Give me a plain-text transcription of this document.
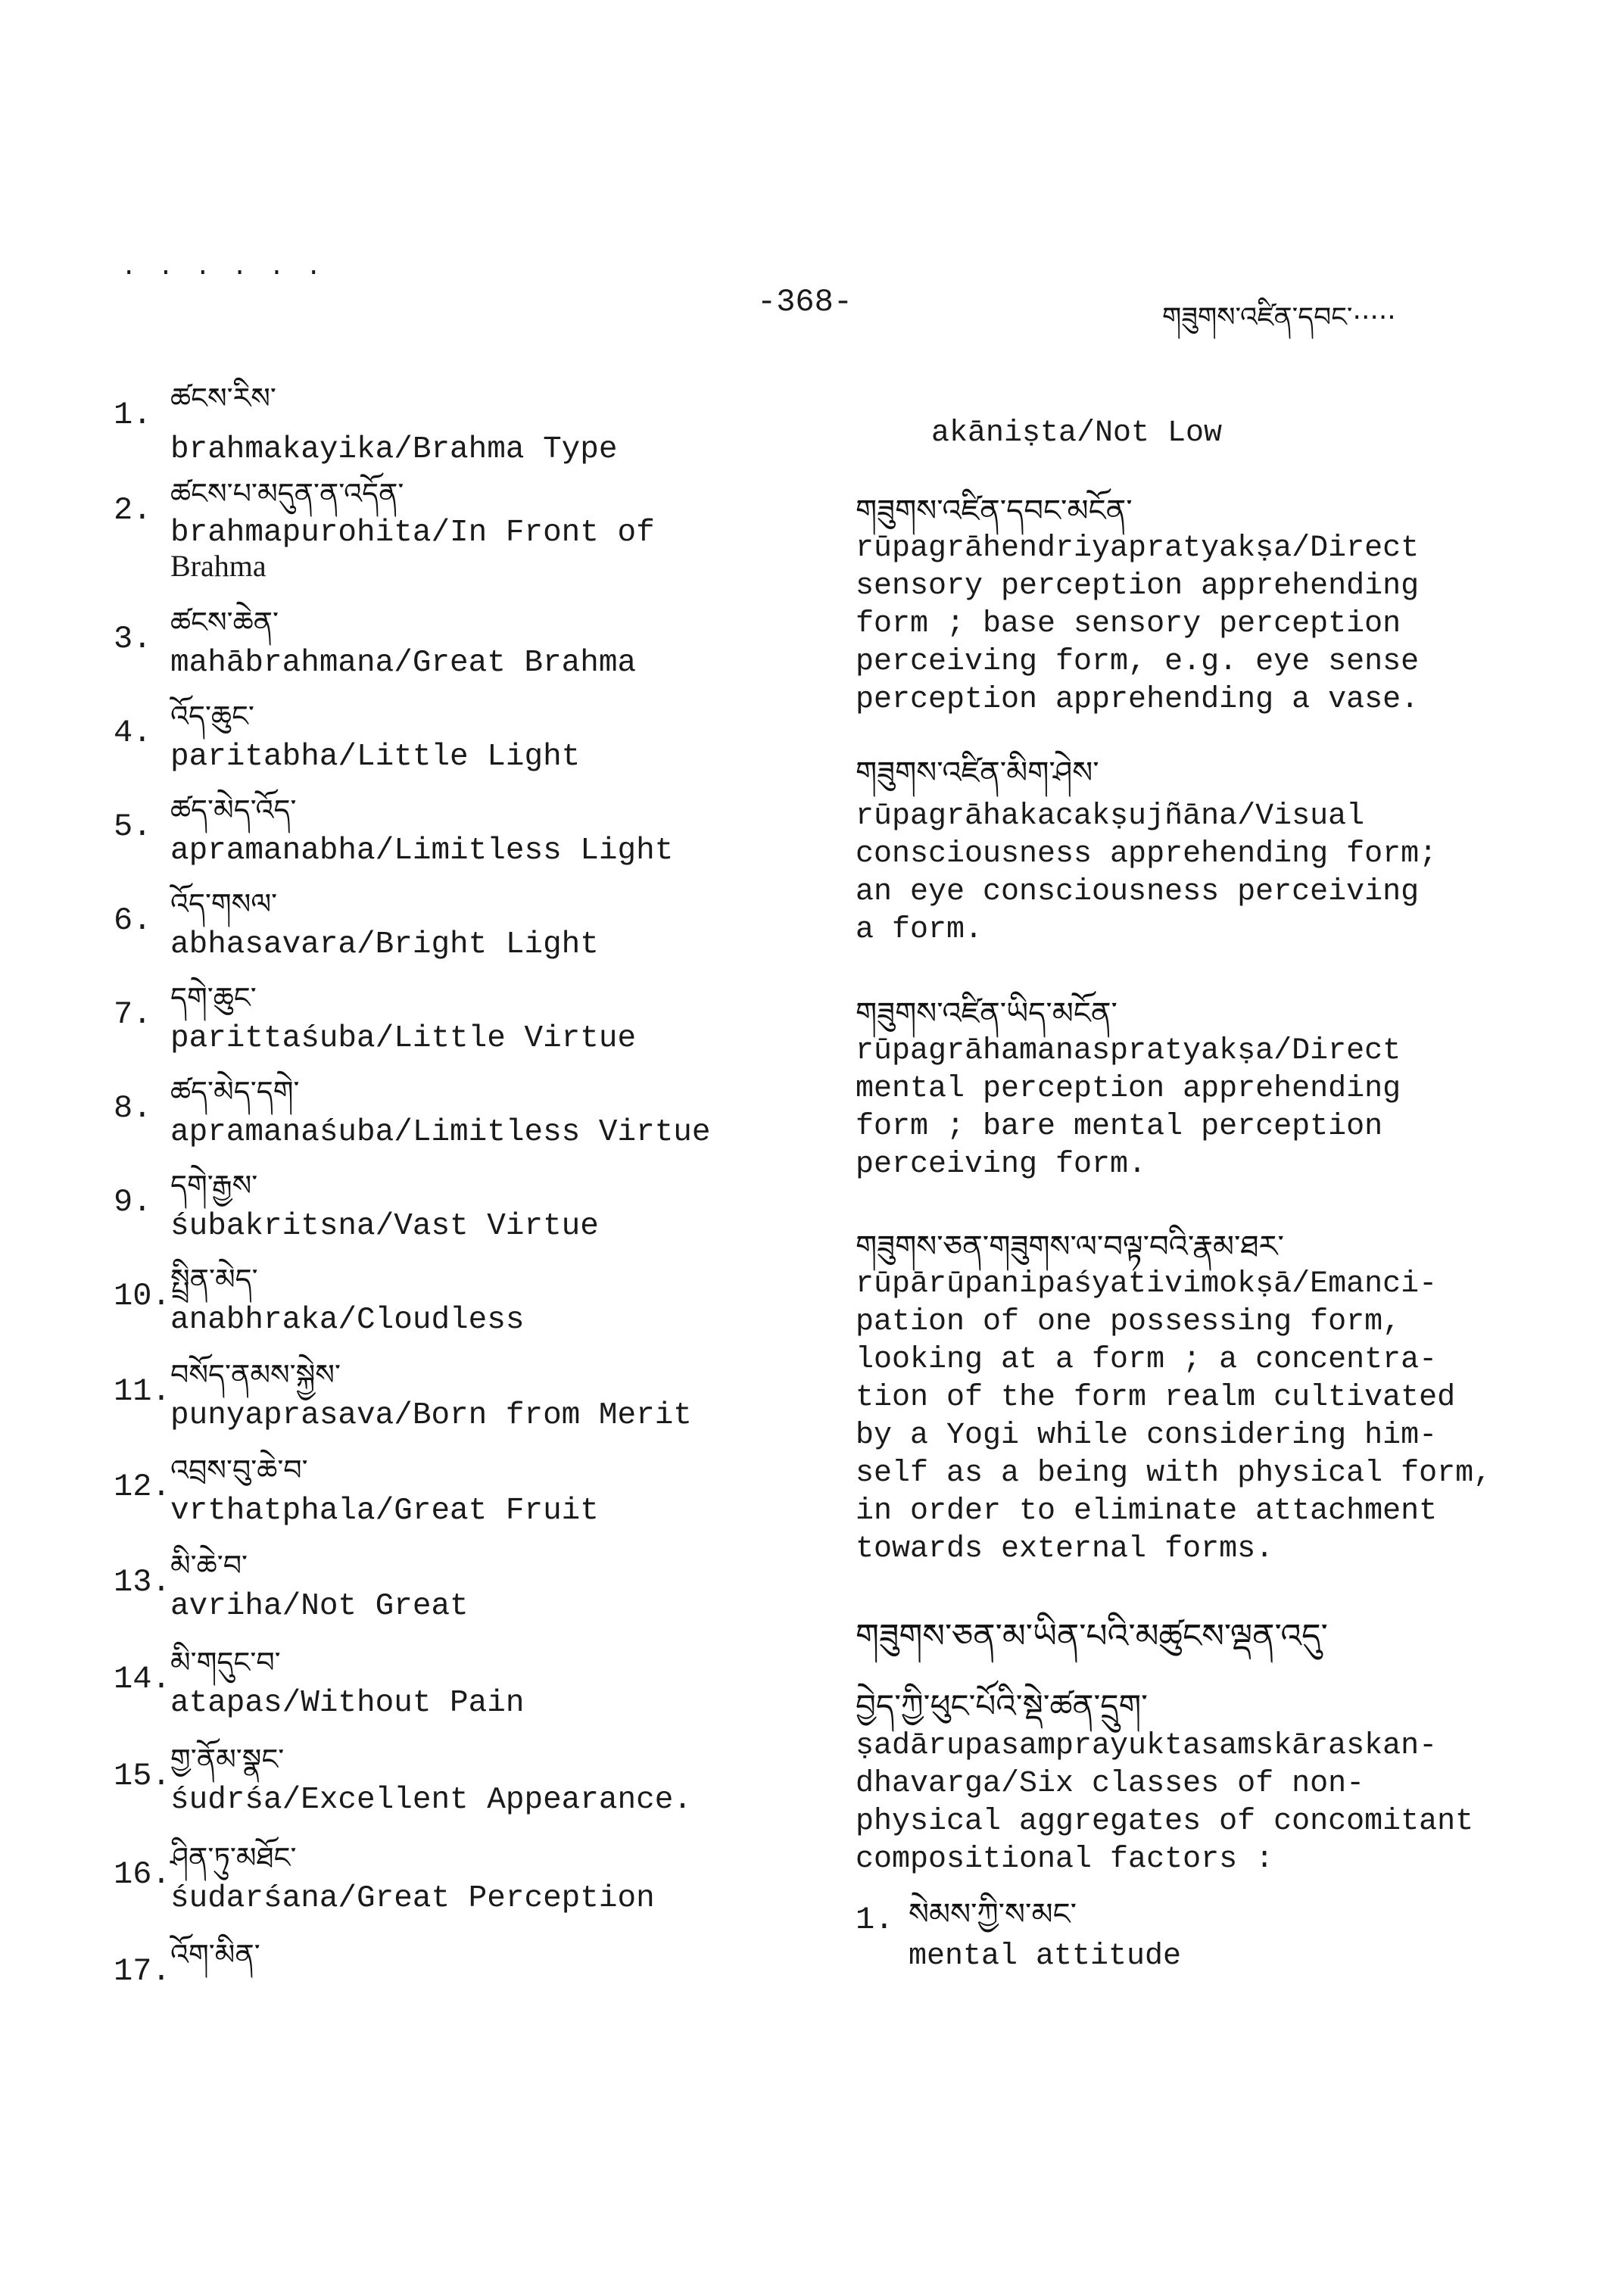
· · · · · ·
-368-	གཟུགས་འཛིན་དབང་·····
1. ཚངས་རིས་
brahmakayika/Brahma Type
2. ཚངས་པ་མདུན་ན་འདོན་
brahmapurohita/In Front of
Brahma
3. ཚངས་ཆེན་
mahābrahmana/Great Brahma
4. འོད་ཆུང་
paritabha/Little Light
5. ཚད་མེད་འོད་
apramanabha/Limitless Light
6. འོད་གསལ་
abhasavara/Bright Light
7. དགེ་ཆུང་
parittaśuba/Little Virtue
8. ཚད་མེད་དགེ་
apramanaśuba/Limitless Virtue
9. དགེ་རྒྱས་
śubakritsna/Vast Virtue
10. སྤྲིན་མེད་
anabhraka/Cloudless
11. བསོད་ནམས་སྐྱེས་
punyaprasava/Born from Merit
12. འབྲས་བུ་ཆེ་བ་
vrthatphala/Great Fruit
13. མི་ཆེ་བ་
avriha/Not Great
14. མི་གདུང་བ་
atapas/Without Pain
15. གྱ་ནོམ་སྣང་
śudrśa/Excellent Appearance.
16. ཤིན་ཏུ་མཐོང་
śudarśana/Great Perception
17. འོག་མིན་
akāniṣta/Not Low
གཟུགས་འཛིན་དབང་མངོན་
rūpagrāhendriyapratyakṣa/Direct
sensory perception apprehending
form ; base sensory perception
perceiving form, e.g. eye sense
perception apprehending a vase.
གཟུགས་འཛིན་མིག་ཤེས་
rūpagrāhakacakṣujñāna/Visual
consciousness apprehending form;
an eye consciousness perceiving
a form.
གཟུགས་འཛིན་ཡིད་མངོན་
rūpagrāhamanaspratyakṣa/Direct
mental perception apprehending
form ; bare mental perception
perceiving form.
གཟུགས་ཅན་གཟུགས་ལ་བལྟ་བའི་རྣམ་ཐར་
rūpārūpanipaśyativimokṣā/Emanci-
pation of one possessing form,
looking at a form ; a concentra-
tion of the form realm cultivated
by a Yogi while considering him-
self as a being with physical form,
in order to eliminate attachment
towards external forms.
གཟུགས་ཅན་མ་ཡིན་པའི་མཚུངས་ལྡན་འདུ་
བྱེད་ཀྱི་ཕུང་པོའི་སྡེ་ཚན་དྲུག་
ṣadārupasamprayuktasamskāraskan-
dhavarga/Six classes of non-
physical aggregates of concomitant
compositional factors :
1. སེམས་ཀྱི་ས་མང་
mental attitude
